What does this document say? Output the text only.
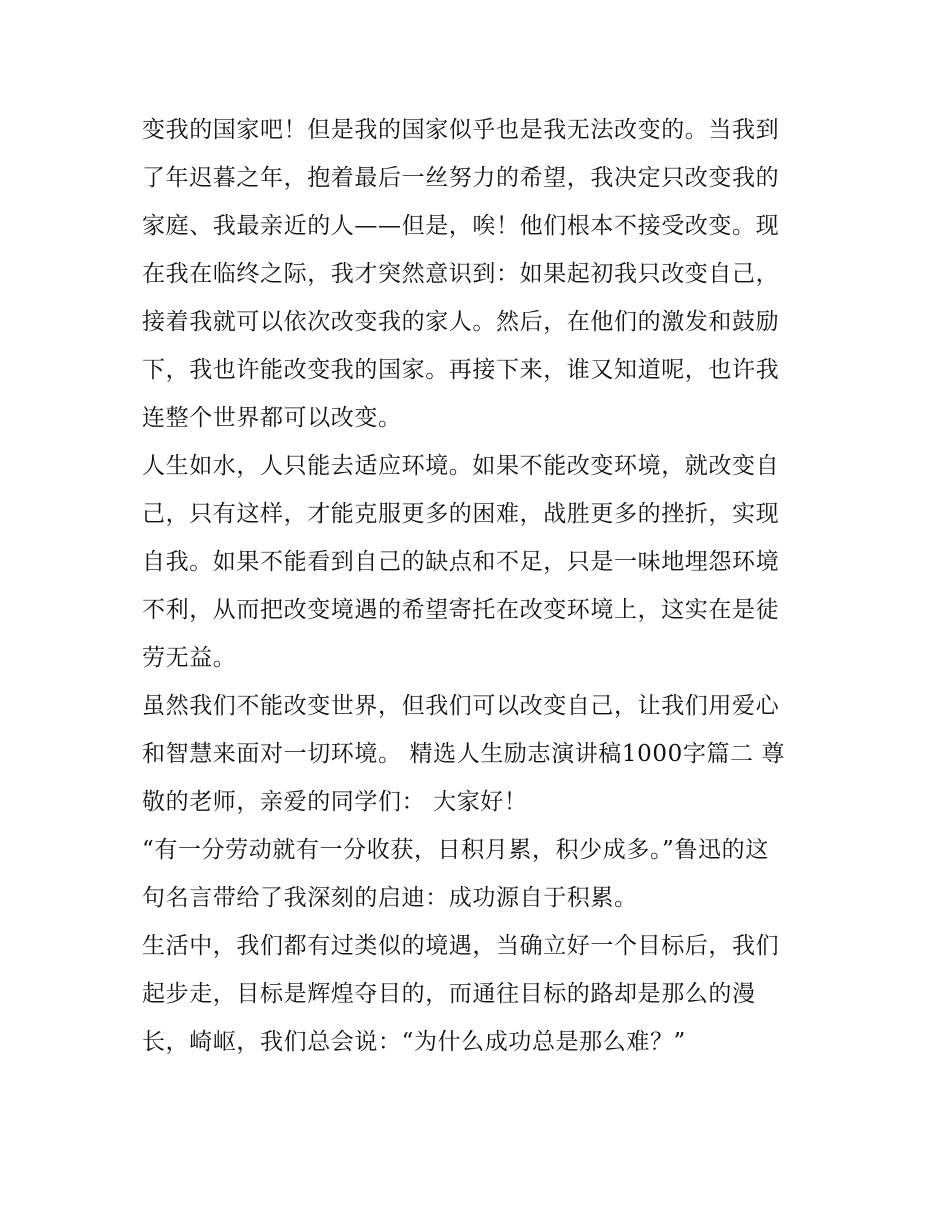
变我的国家吧！但是我的国家似乎也是我无法改变的。当我到
了年迟暮之年，抱着最后一丝努力的希望，我决定只改变我的
家庭、我最亲近的人——但是，唉！他们根本不接受改变。现
在我在临终之际，我才突然意识到：如果起初我只改变自己，
接着我就可以依次改变我的家人。然后，在他们的激发和鼓励
下，我也许能改变我的国家。再接下来，谁又知道呢，也许我
连整个世界都可以改变。

人生如水，人只能去适应环境。如果不能改变环境，就改变自
己，只有这样，才能克服更多的困难，战胜更多的挫折，实现
自我。如果不能看到自己的缺点和不足，只是一味地埋怨环境
不利，从而把改变境遇的希望寄托在改变环境上，这实在是徒
劳无益。

虽然我们不能改变世界，但我们可以改变自己，让我们用爱心
和智慧来面对一切环境。 精选人生励志演讲稿1000字篇二 尊
敬的老师，亲爱的同学们： 大家好！

“有一分劳动就有一分收获，日积月累，积少成多。”鲁迅的这
句名言带给了我深刻的启迪：成功源自于积累。

生活中，我们都有过类似的境遇，当确立好一个目标后，我们
起步走，目标是辉煌夺目的，而通往目标的路却是那么的漫
长，崎岖，我们总会说：“为什么成功总是那么难？”
